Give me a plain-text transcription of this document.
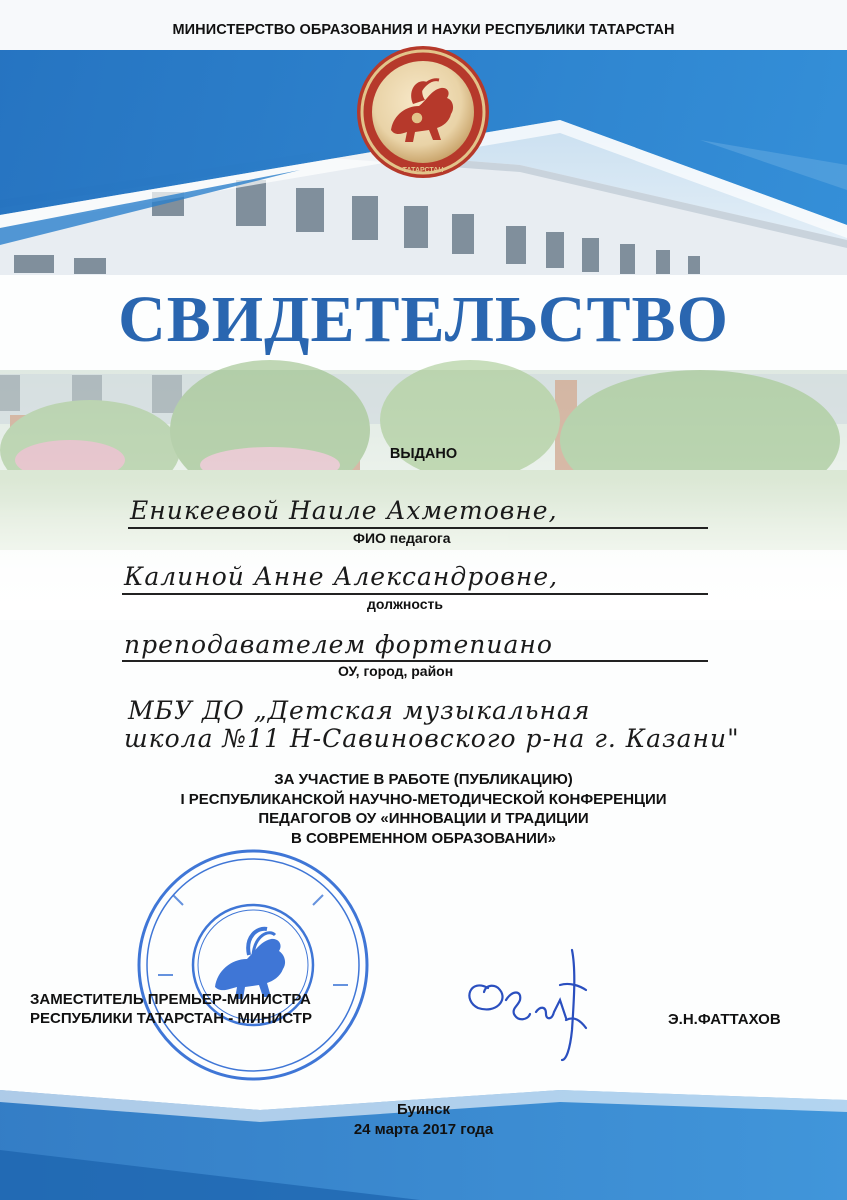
ТАТАРСТАН
МИНИСТЕРСТВО ОБРАЗОВАНИЯ И НАУКИ РЕСПУБЛИКИ ТАТАРСТАН
СВИДЕТЕЛЬСТВО
ВЫДАНО
Еникеевой Наиле Ахметовне,
ФИО педагога
Калиной Анне Александровне,
должность
преподавателем фортепиано
ОУ, город, район
МБУ ДО „Детская музыкальная
школа №11 Н-Савиновского р-на г. Казани"
ЗА УЧАСТИЕ В РАБОТЕ (ПУБЛИКАЦИЮ)
I РЕСПУБЛИКАНСКОЙ НАУЧНО-МЕТОДИЧЕСКОЙ КОНФЕРЕНЦИИ
ПЕДАГОГОВ ОУ «ИННОВАЦИИ И ТРАДИЦИИ
В СОВРЕМЕННОМ ОБРАЗОВАНИИ»
ЗАМЕСТИТЕЛЬ ПРЕМЬЕР-МИНИСТРА
РЕСПУБЛИКИ ТАТАРСТАН - МИНИСТР	Э.Н.ФАТТАХОВ
Буинск
24 марта 2017 года
